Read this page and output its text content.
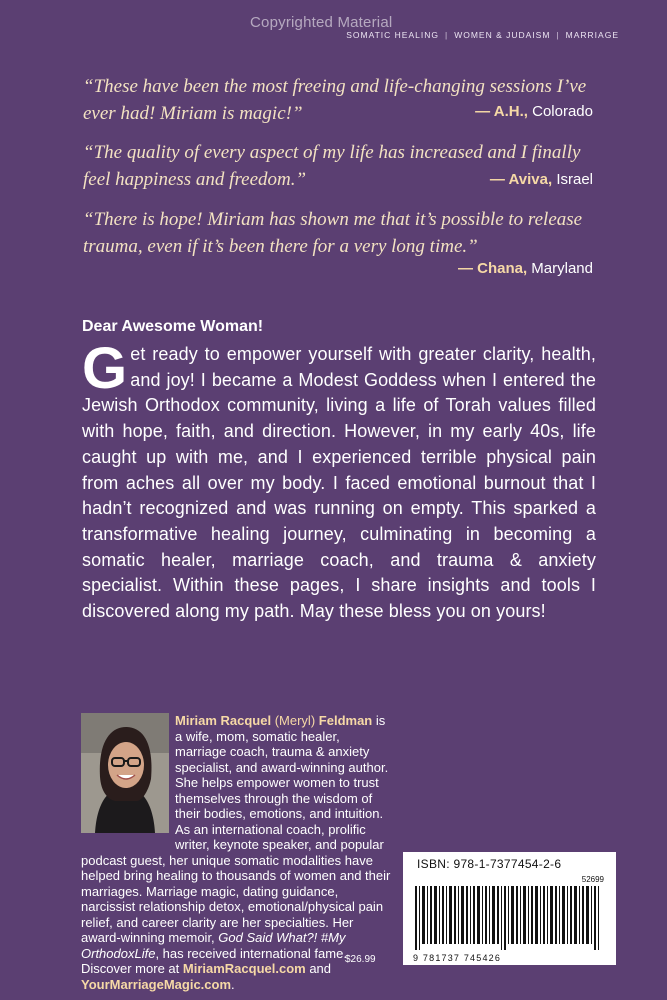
Copyrighted Material
SOMATIC HEALING | WOMEN & JUDAISM | MARRIAGE
“These have been the most freeing and life-changing sessions I’ve ever had! Miriam is magic!”	— A.H., Colorado
“The quality of every aspect of my life has increased and I finally feel happiness and freedom.”	— Aviva, Israel
“There is hope! Miriam has shown me that it’s possible to release trauma, even if it’s been there for a very long time.”
— Chana, Maryland
Dear Awesome Woman!
Get ready to empower yourself with greater clarity, health, and joy! I became a Modest Goddess when I entered the Jewish Orthodox community, living a life of Torah values filled with hope, faith, and direction. However, in my early 40s, life caught up with me, and I experienced terrible physical pain from aches all over my body. I faced emotional burnout that I hadn’t recognized and was running on empty. This sparked a transformative healing journey, culminating in becoming a somatic healer, marriage coach, and trauma & anxiety specialist. Within these pages, I share insights and tools I discovered along my path. May these bless you on yours!
Miriam Racquel (Meryl) Feldman is a wife, mom, somatic healer, marriage coach, trauma & anxiety specialist, and award-winning author. She helps empower women to trust themselves through the wisdom of their bodies, emotions, and intuition. As an international coach, prolific writer, keynote speaker, and popular podcast guest, her unique somatic modalities have helped bring healing to thousands of women and their marriages. Marriage magic, dating guidance, narcissist relationship detox, emotional/physical pain relief, and career clarity are her specialties. Her award-winning memoir, God Said What?! #My OrthodoxLife, has received international fame. Discover more at MiriamRacquel.com and YourMarriageMagic.com.
ISBN: 978-1-7377454-2-6
52699
9 781737 745426
$26.99
